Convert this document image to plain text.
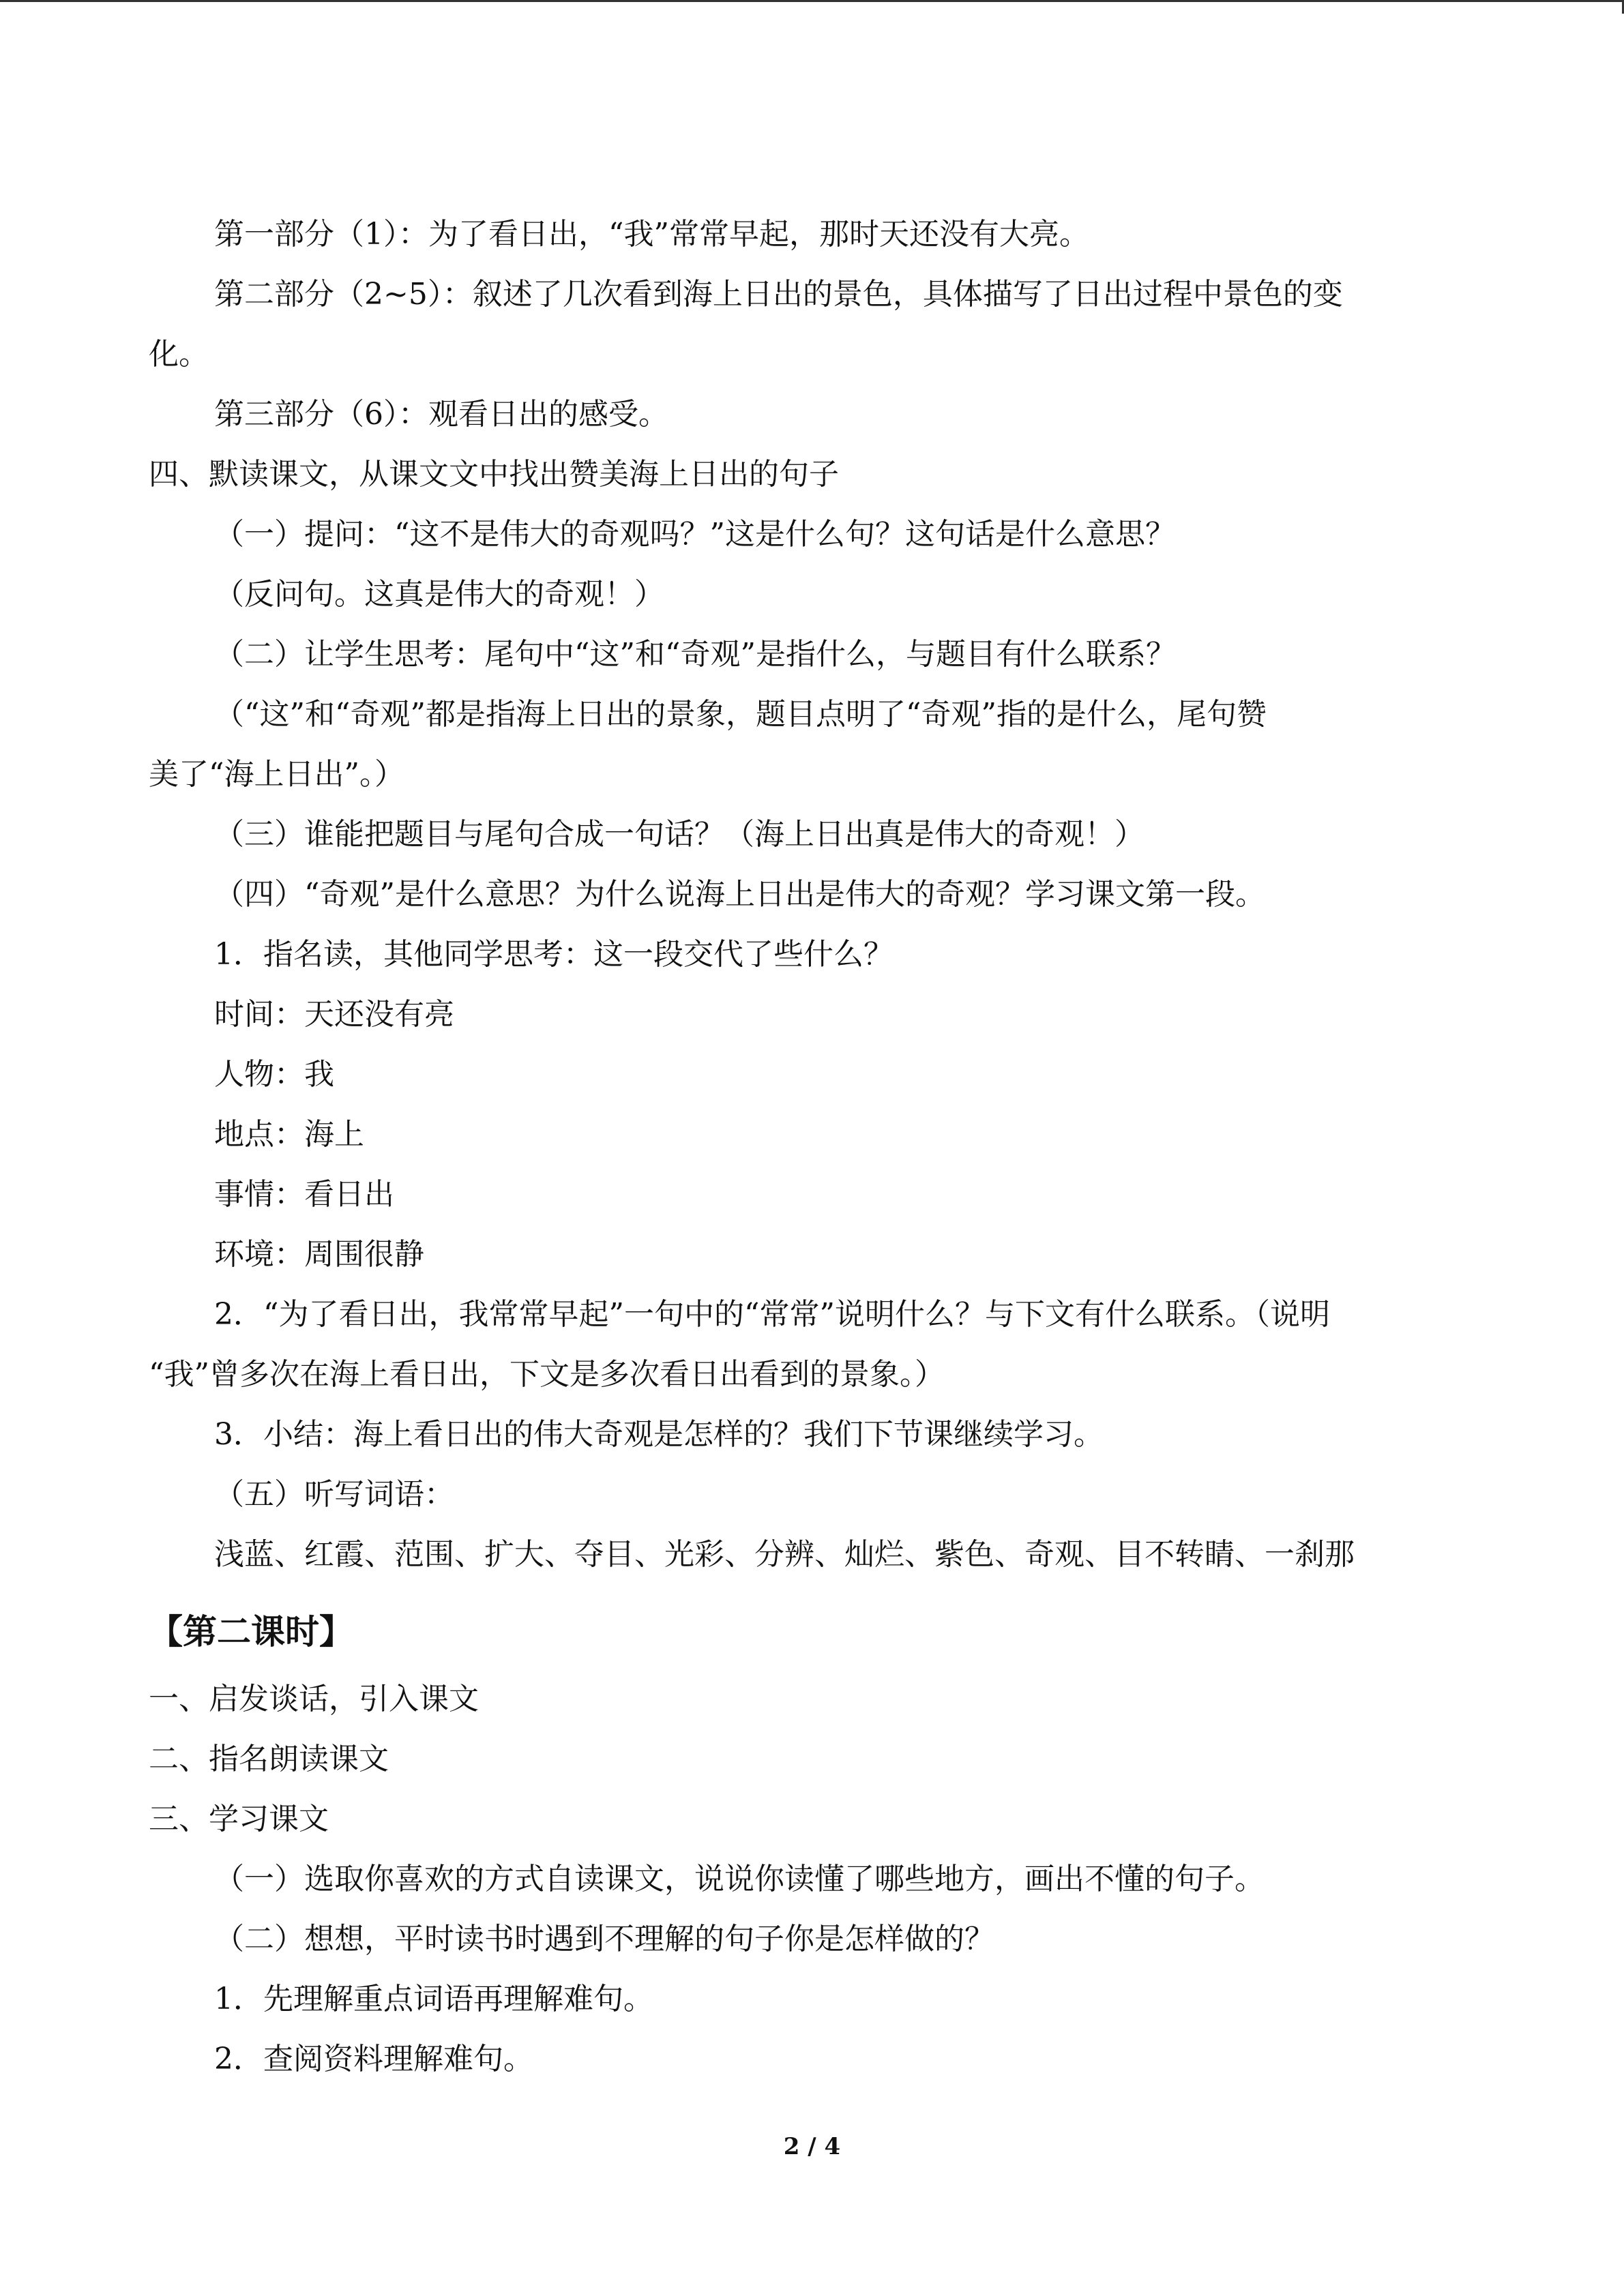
第一部分（1）：为了看日出，“我”常常早起，那时天还没有大亮。
第二部分（2~5）：叙述了几次看到海上日出的景色，具体描写了日出过程中景色的变
化。
第三部分（6）：观看日出的感受。
四、默读课文，从课文文中找出赞美海上日出的句子
（一）提问：“这不是伟大的奇观吗？”这是什么句？这句话是什么意思？
（反问句。这真是伟大的奇观！）
（二）让学生思考：尾句中“这”和“奇观”是指什么，与题目有什么联系？
（“这”和“奇观”都是指海上日出的景象，题目点明了“奇观”指的是什么，尾句赞
美了“海上日出”。）
（三）谁能把题目与尾句合成一句话？（海上日出真是伟大的奇观！）
（四）“奇观”是什么意思？为什么说海上日出是伟大的奇观？学习课文第一段。
1．指名读，其他同学思考：这一段交代了些什么？
时间：天还没有亮
人物：我
地点：海上
事情：看日出
环境：周围很静
2．“为了看日出，我常常早起”一句中的“常常”说明什么？与下文有什么联系。（说明
“我”曾多次在海上看日出，下文是多次看日出看到的景象。）
3．小结：海上看日出的伟大奇观是怎样的？我们下节课继续学习。
（五）听写词语：
浅蓝、红霞、范围、扩大、夺目、光彩、分辨、灿烂、紫色、奇观、目不转睛、一刹那
【第二课时】
一、启发谈话，引入课文
二、指名朗读课文
三、学习课文
（一）选取你喜欢的方式自读课文，说说你读懂了哪些地方，画出不懂的句子。
（二）想想，平时读书时遇到不理解的句子你是怎样做的？
1．先理解重点词语再理解难句。
2．查阅资料理解难句。
2 / 4
